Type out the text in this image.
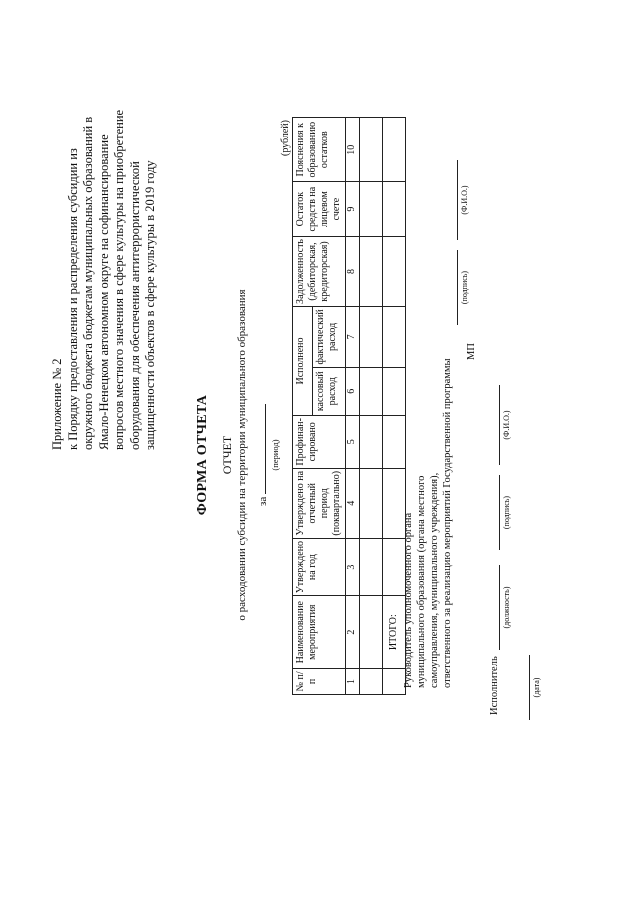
Приложение № 2 к Порядку предоставления и распределения субсидии из окружного бюджета бюджетам муниципальных образований в Ямало-Ненецком автономном округе на софинансирование вопросов местного значения в сфере культуры на приобретение оборудования для обеспечения антитеррористической защищенности объектов в сфере культуры в 2019 году
ФОРМА ОТЧЕТА ОТЧЕТ о расходовании субсидии на территории муниципального образования за
(период)
(рублей)
№ п/п	Наименование мероприятия	Утверждено на год	Утверждено на отчетный период (поквартально)	Профинан-сировано	Исполнено		Задолженность (дебиторская, кредиторская)	Остаток средств на лицевом счете	Пояснения к образованию остатков
					кассовый расход	фактический расход			
1	2	3	4	5	6	7	8	9	10

	ИТОГО:								Руководитель уполномоченного органа муниципального образования (органа местного самоуправления, муниципального учреждения), ответственного за реализацию мероприятий Государственной программы
(подпись)
(Ф.И.О.)
МП
Исполнитель
(должность)
(подпись)
(Ф.И.О.)
(дата)
